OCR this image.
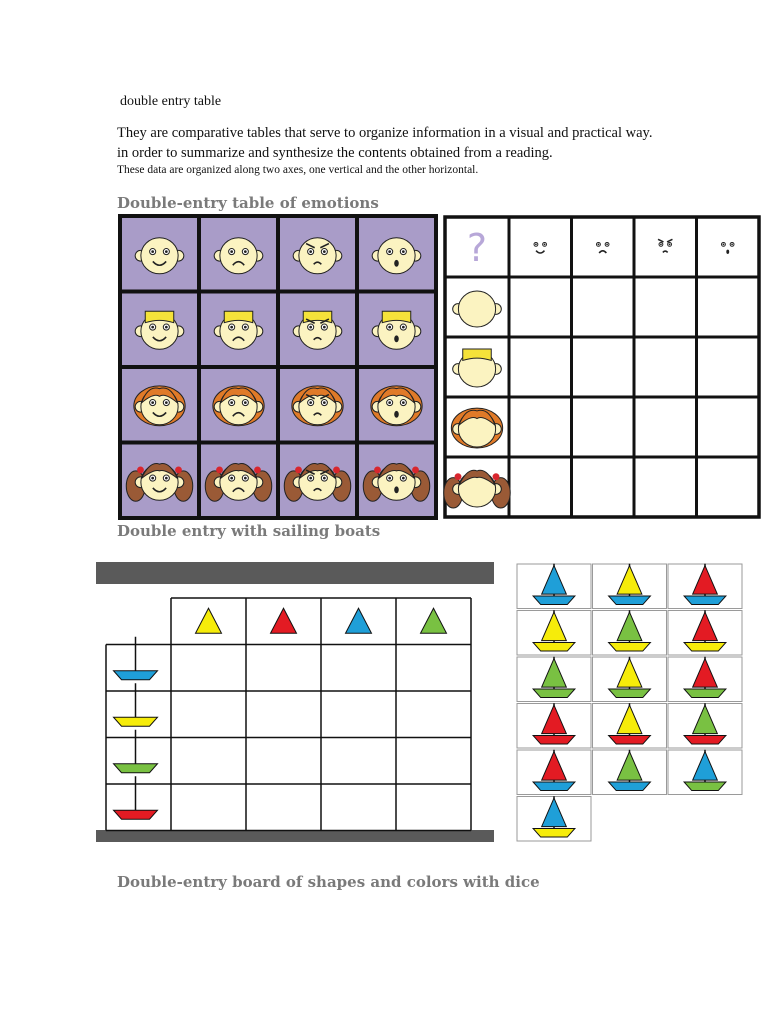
double entry table
They are comparative tables that serve to organize information in a visual and practical way.
in order to summarize and synthesize the contents obtained from a reading.
These data are organized along two axes, one vertical and the other horizontal.
Double-entry table of emotions
Double entry with sailing boats
Double-entry board of shapes and colors with dice
?
